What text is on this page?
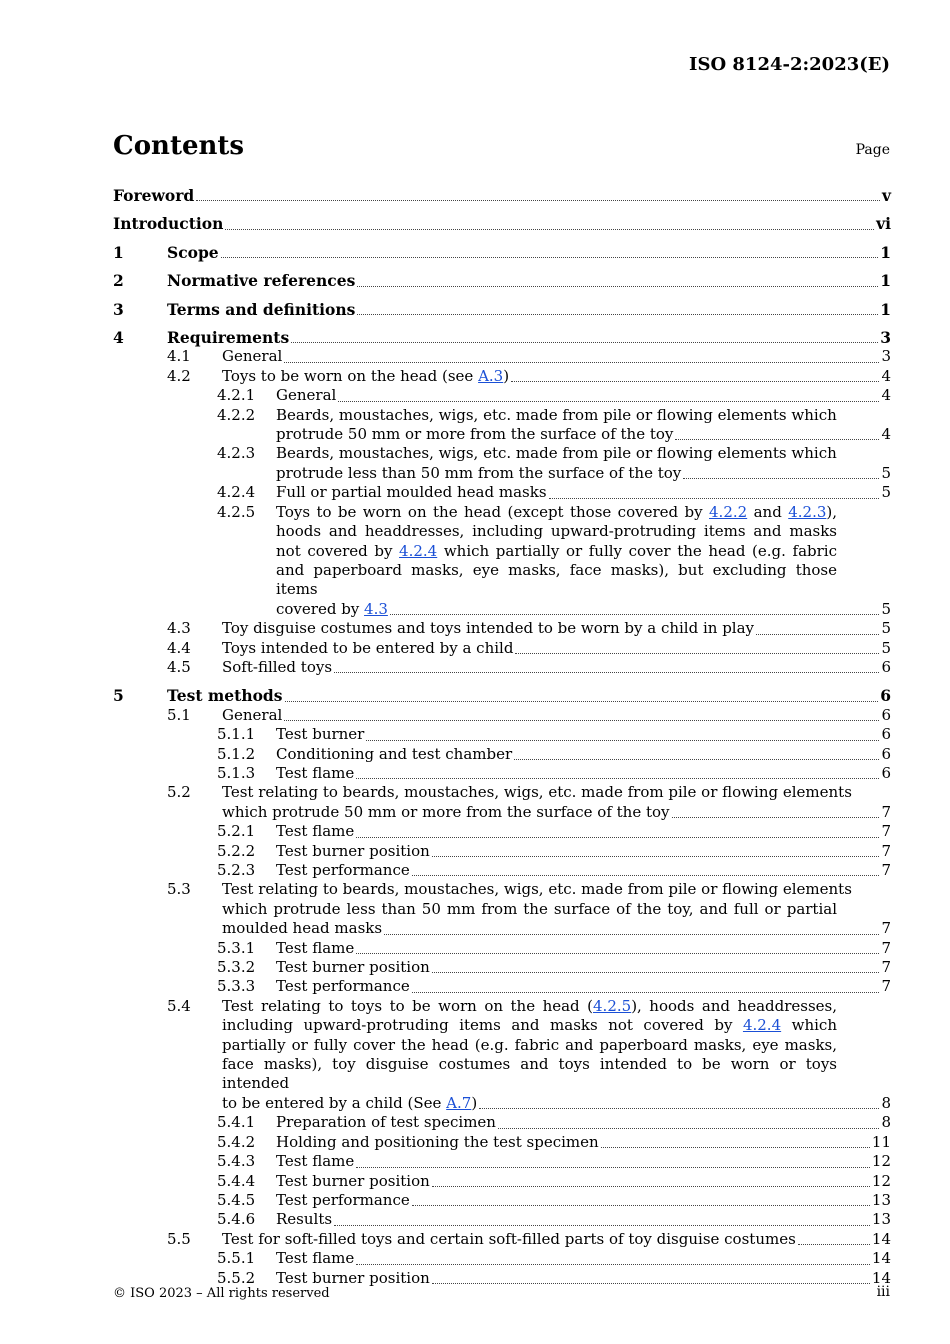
ISO 8124-2:2023(E)
Contents	Page
Foreword	v
Introduction	vi
1	Scope	1
2	Normative references	1
3	Terms and definitions	1
4	Requirements	3
4.1	General	3
4.2	Toys to be worn on the head (see A.3)	4
4.2.1	General	4
4.2.2	Beards, moustaches, wigs, etc. made from pile or flowing elements which
protrude 50 mm or more from the surface of the toy	4
4.2.3	Beards, moustaches, wigs, etc. made from pile or flowing elements which
protrude less than 50 mm from the surface of the toy	5
4.2.4	Full or partial moulded head masks	5
4.2.5	Toys to be worn on the head (except those covered by 4.2.2 and 4.2.3),
hoods and headdresses, including upward-protruding items and masks
not covered by 4.2.4 which partially or fully cover the head (e.g. fabric
and paperboard masks, eye masks, face masks), but excluding those items
covered by 4.3	5
4.3	Toy disguise costumes and toys intended to be worn by a child in play	5
4.4	Toys intended to be entered by a child	5
4.5	Soft-filled toys	6
5	Test methods	6
5.1	General	6
5.1.1	Test burner	6
5.1.2	Conditioning and test chamber	6
5.1.3	Test flame	6
5.2	Test relating to beards, moustaches, wigs, etc. made from pile or flowing elements
which protrude 50 mm or more from the surface of the toy	7
5.2.1	Test flame	7
5.2.2	Test burner position	7
5.2.3	Test performance	7
5.3	Test relating to beards, moustaches, wigs, etc. made from pile or flowing elements
which protrude less than 50 mm from the surface of the toy, and full or partial
moulded head masks	7
5.3.1	Test flame	7
5.3.2	Test burner position	7
5.3.3	Test performance	7
5.4	Test relating to toys to be worn on the head (4.2.5), hoods and headdresses,
including upward-protruding items and masks not covered by 4.2.4 which
partially or fully cover the head (e.g. fabric and paperboard masks, eye masks,
face masks), toy disguise costumes and toys intended to be worn or toys intended
to be entered by a child (See A.7)	8
5.4.1	Preparation of test specimen	8
5.4.2	Holding and positioning the test specimen	11
5.4.3	Test flame	12
5.4.4	Test burner position	12
5.4.5	Test performance	13
5.4.6	Results	13
5.5	Test for soft-filled toys and certain soft-filled parts of toy disguise costumes	14
5.5.1	Test flame	14
5.5.2	Test burner position	14
© ISO 2023 – All rights reserved	iii
